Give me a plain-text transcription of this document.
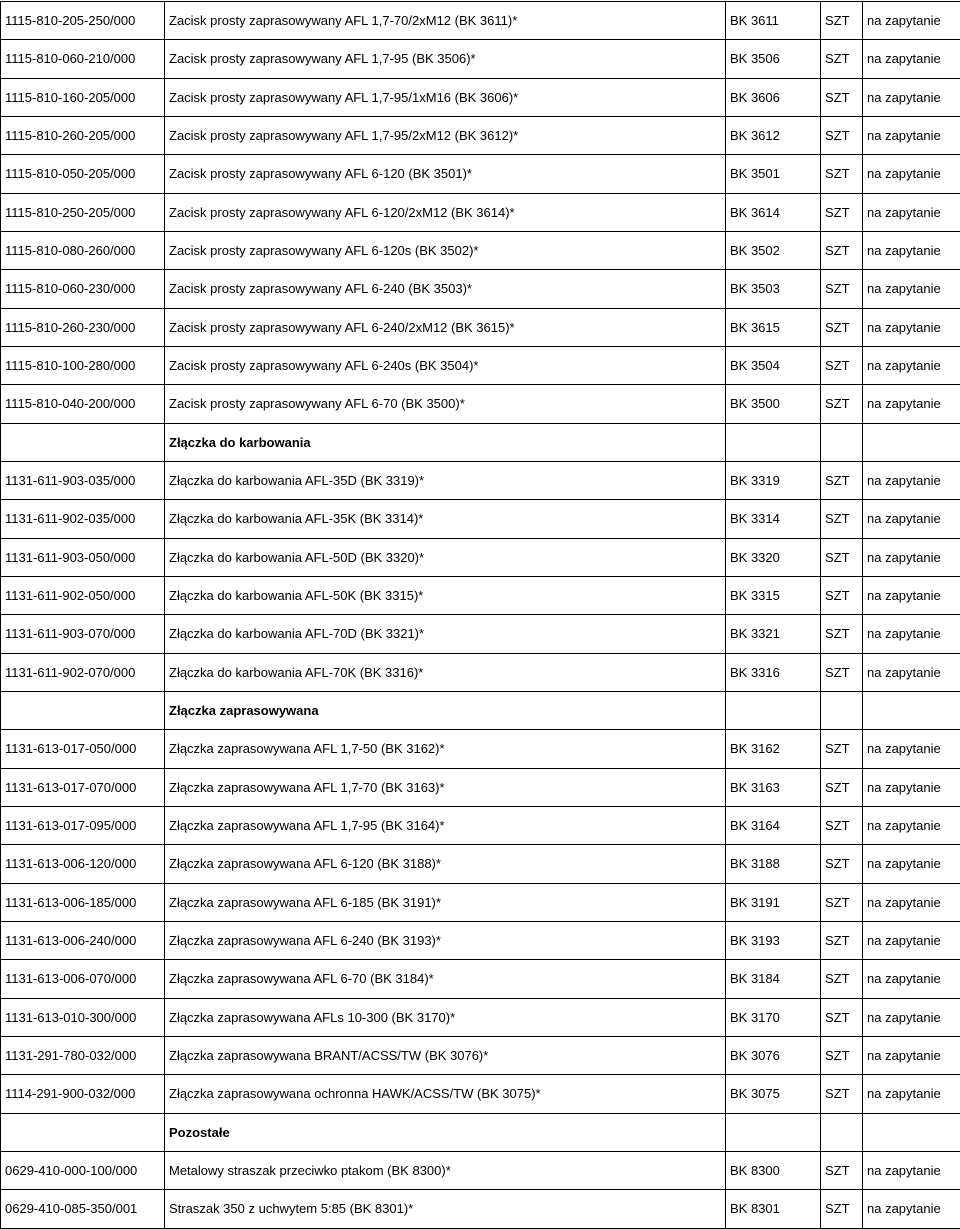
1115-810-205-250/000	Zacisk prosty zaprasowywany AFL 1,7-70/2xM12 (BK 3611)*	BK 3611	SZT	na zapytanie
1115-810-060-210/000	Zacisk prosty zaprasowywany AFL 1,7-95 (BK 3506)*	BK 3506	SZT	na zapytanie
1115-810-160-205/000	Zacisk prosty zaprasowywany AFL 1,7-95/1xM16 (BK 3606)*	BK 3606	SZT	na zapytanie
1115-810-260-205/000	Zacisk prosty zaprasowywany AFL 1,7-95/2xM12 (BK 3612)*	BK 3612	SZT	na zapytanie
1115-810-050-205/000	Zacisk prosty zaprasowywany AFL 6-120 (BK 3501)*	BK 3501	SZT	na zapytanie
1115-810-250-205/000	Zacisk prosty zaprasowywany AFL 6-120/2xM12 (BK 3614)*	BK 3614	SZT	na zapytanie
1115-810-080-260/000	Zacisk prosty zaprasowywany AFL 6-120s (BK 3502)*	BK 3502	SZT	na zapytanie
1115-810-060-230/000	Zacisk prosty zaprasowywany AFL 6-240 (BK 3503)*	BK 3503	SZT	na zapytanie
1115-810-260-230/000	Zacisk prosty zaprasowywany AFL 6-240/2xM12 (BK 3615)*	BK 3615	SZT	na zapytanie
1115-810-100-280/000	Zacisk prosty zaprasowywany AFL 6-240s (BK 3504)*	BK 3504	SZT	na zapytanie
1115-810-040-200/000	Zacisk prosty zaprasowywany AFL 6-70 (BK 3500)*	BK 3500	SZT	na zapytanie
	Złączka do karbowania			
1131-611-903-035/000	Złączka do karbowania AFL-35D (BK 3319)*	BK 3319	SZT	na zapytanie
1131-611-902-035/000	Złączka do karbowania AFL-35K (BK 3314)*	BK 3314	SZT	na zapytanie
1131-611-903-050/000	Złączka do karbowania AFL-50D (BK 3320)*	BK 3320	SZT	na zapytanie
1131-611-902-050/000	Złączka do karbowania AFL-50K (BK 3315)*	BK 3315	SZT	na zapytanie
1131-611-903-070/000	Złączka do karbowania AFL-70D (BK 3321)*	BK 3321	SZT	na zapytanie
1131-611-902-070/000	Złączka do karbowania AFL-70K (BK 3316)*	BK 3316	SZT	na zapytanie
	Złączka zaprasowywana			
1131-613-017-050/000	Złączka zaprasowywana AFL 1,7-50 (BK 3162)*	BK 3162	SZT	na zapytanie
1131-613-017-070/000	Złączka zaprasowywana AFL 1,7-70 (BK 3163)*	BK 3163	SZT	na zapytanie
1131-613-017-095/000	Złączka zaprasowywana AFL 1,7-95 (BK 3164)*	BK 3164	SZT	na zapytanie
1131-613-006-120/000	Złączka zaprasowywana AFL 6-120 (BK 3188)*	BK 3188	SZT	na zapytanie
1131-613-006-185/000	Złączka zaprasowywana AFL 6-185 (BK 3191)*	BK 3191	SZT	na zapytanie
1131-613-006-240/000	Złączka zaprasowywana AFL 6-240 (BK 3193)*	BK 3193	SZT	na zapytanie
1131-613-006-070/000	Złączka zaprasowywana AFL 6-70 (BK 3184)*	BK 3184	SZT	na zapytanie
1131-613-010-300/000	Złączka zaprasowywana AFLs 10-300 (BK 3170)*	BK 3170	SZT	na zapytanie
1131-291-780-032/000	Złączka zaprasowywana BRANT/ACSS/TW (BK 3076)*	BK 3076	SZT	na zapytanie
1114-291-900-032/000	Złączka zaprasowywana ochronna HAWK/ACSS/TW (BK 3075)*	BK 3075	SZT	na zapytanie
	Pozostałe			
0629-410-000-100/000	Metalowy straszak przeciwko ptakom (BK 8300)*	BK 8300	SZT	na zapytanie
0629-410-085-350/001	Straszak 350 z uchwytem 5:85 (BK 8301)*	BK 8301	SZT	na zapytanie
